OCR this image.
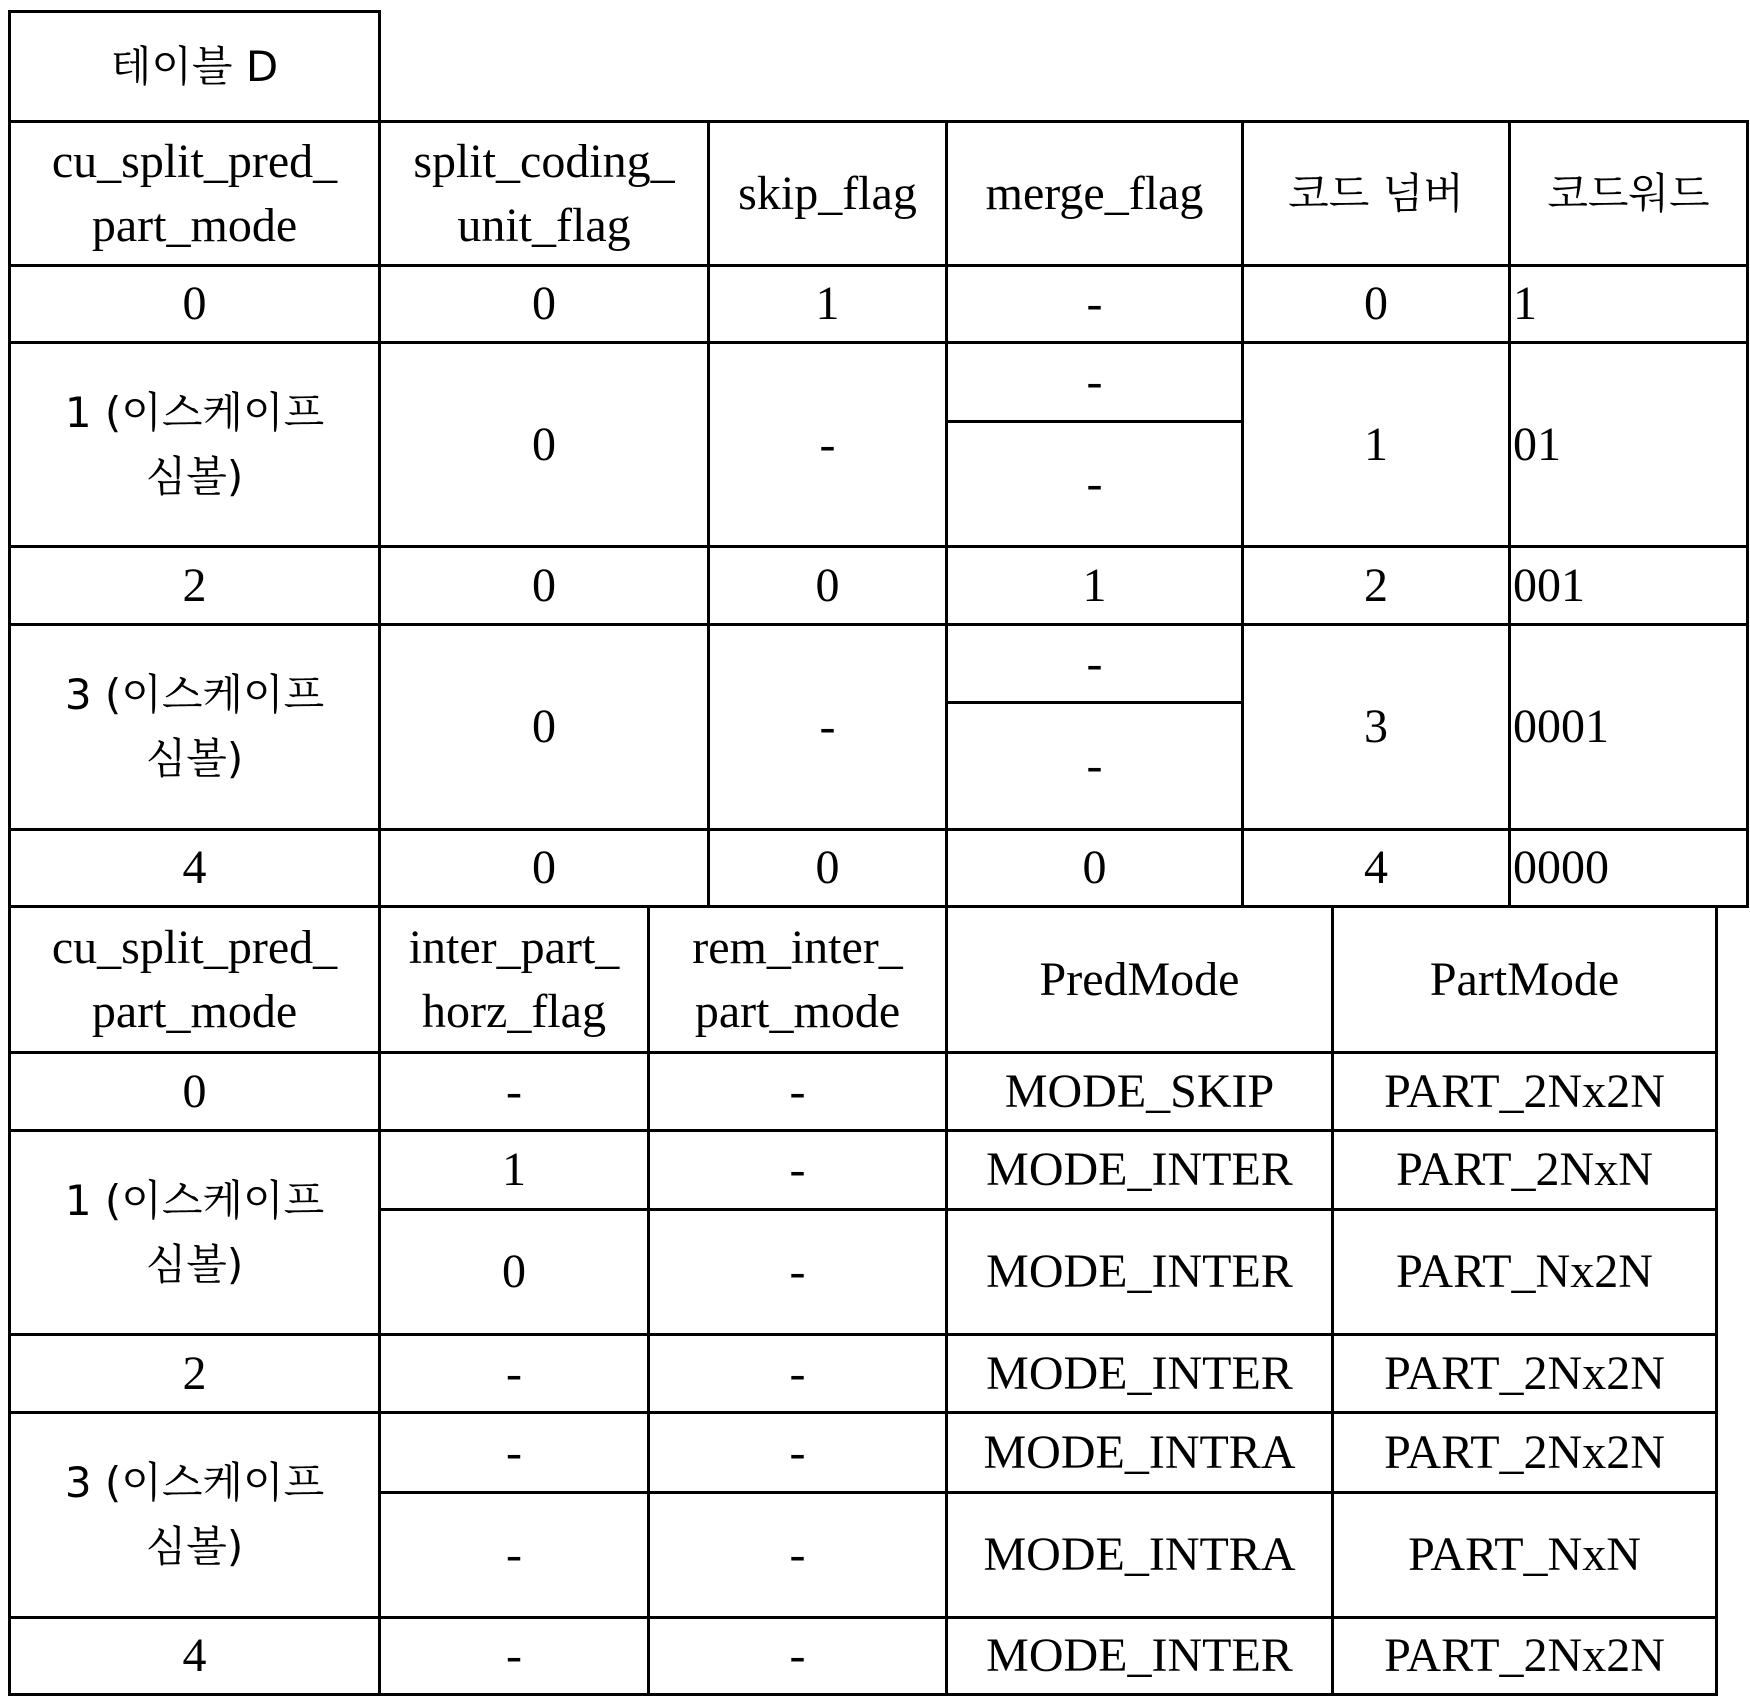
테이블 D
cu_split_pred_
part_mode
split_coding_
unit_flag
skip_flag merge_flag 코드 넘버 코드워드
0	0	1	-	0	1
1 (이스케이프
심볼)
0	-
-
-
1	01
2	0	0	1	2	001
3 (이스케이프
심볼)
0	-
-
-
3	0001
4	0	0	0	4	0000
cu_split_pred_
part_mode
inter_part_
horz_flag
rem_inter_
part_mode
PredMode	PartMode
0	-	-	MODE_SKIP PART_2Nx2N
1 (이스케이프
심볼)
1	-	MODE_INTER PART_2NxN
0	-	MODE_INTER PART_Nx2N
2	-	-	MODE_INTER PART_2Nx2N
3 (이스케이프
심볼)
-	-	MODE_INTRA PART_2Nx2N
-	-	MODE_INTRA PART_NxN
4	-	-	MODE_INTER PART_2Nx2N
